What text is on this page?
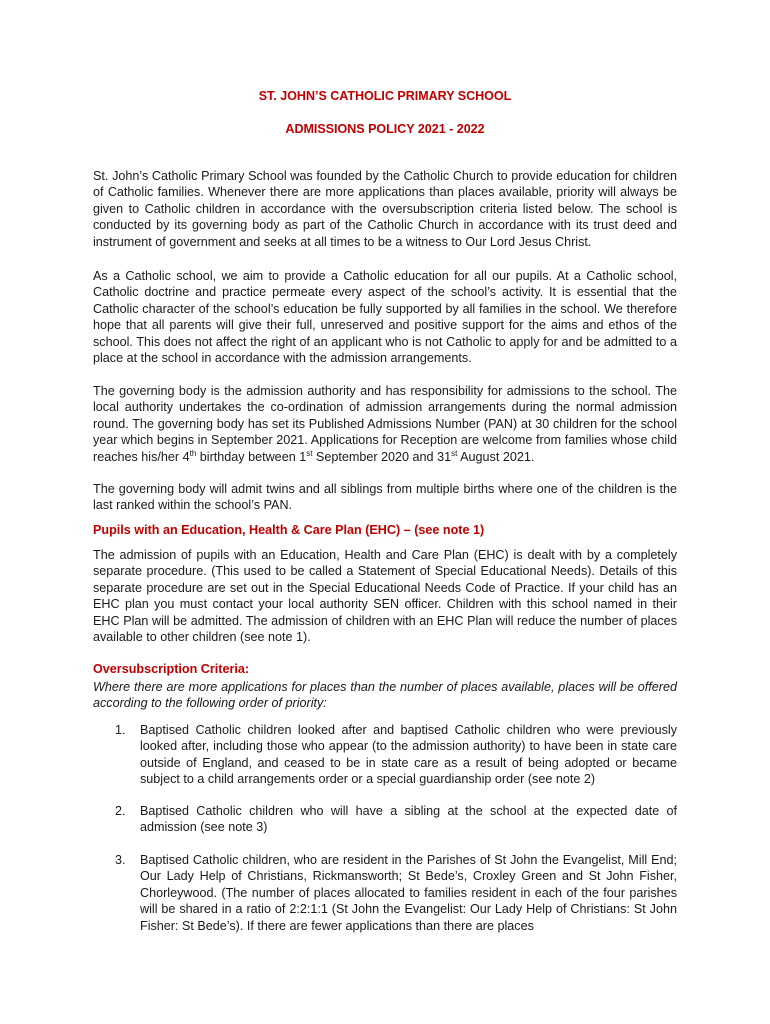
ST. JOHN’S CATHOLIC PRIMARY SCHOOL
ADMISSIONS POLICY 2021 - 2022

St. John’s Catholic Primary School was founded by the Catholic Church to provide education for children of Catholic families. Whenever there are more applications than places available, priority will always be given to Catholic children in accordance with the oversubscription criteria listed below. The school is conducted by its governing body as part of the Catholic Church in accordance with its trust deed and instrument of government and seeks at all times to be a witness to Our Lord Jesus Christ.

As a Catholic school, we aim to provide a Catholic education for all our pupils. At a Catholic school, Catholic doctrine and practice permeate every aspect of the school’s activity. It is essential that the Catholic character of the school’s education be fully supported by all families in the school. We therefore hope that all parents will give their full, unreserved and positive support for the aims and ethos of the school. This does not affect the right of an applicant who is not Catholic to apply for and be admitted to a place at the school in accordance with the admission arrangements.

The governing body is the admission authority and has responsibility for admissions to the school. The local authority undertakes the co-ordination of admission arrangements during the normal admission round. The governing body has set its Published Admissions Number (PAN) at 30 children for the school year which begins in September 2021. Applications for Reception are welcome from families whose child reaches his/her 4th birthday between 1st September 2020 and 31st August 2021.

The governing body will admit twins and all siblings from multiple births where one of the children is the last ranked within the school’s PAN.

Pupils with an Education, Health & Care Plan (EHC) – (see note 1)

The admission of pupils with an Education, Health and Care Plan (EHC) is dealt with by a completely separate procedure. (This used to be called a Statement of Special Educational Needs). Details of this separate procedure are set out in the Special Educational Needs Code of Practice. If your child has an EHC plan you must contact your local authority SEN officer. Children with this school named in their EHC Plan will be admitted. The admission of children with an EHC Plan will reduce the number of places available to other children (see note 1).

Oversubscription Criteria:

Where there are more applications for places than the number of places available, places will be offered according to the following order of priority:

1. Baptised Catholic children looked after and baptised Catholic children who were previously looked after, including those who appear (to the admission authority) to have been in state care outside of England, and ceased to be in state care as a result of being adopted or became subject to a child arrangements order or a special guardianship order (see note 2)
2. Baptised Catholic children who will have a sibling at the school at the expected date of admission (see note 3)
3. Baptised Catholic children, who are resident in the Parishes of St John the Evangelist, Mill End; Our Lady Help of Christians, Rickmansworth; St Bede’s, Croxley Green and St John Fisher, Chorleywood. (The number of places allocated to families resident in each of the four parishes will be shared in a ratio of 2:2:1:1 (St John the Evangelist: Our Lady Help of Christians: St John Fisher: St Bede’s). If there are fewer applications than there are places
